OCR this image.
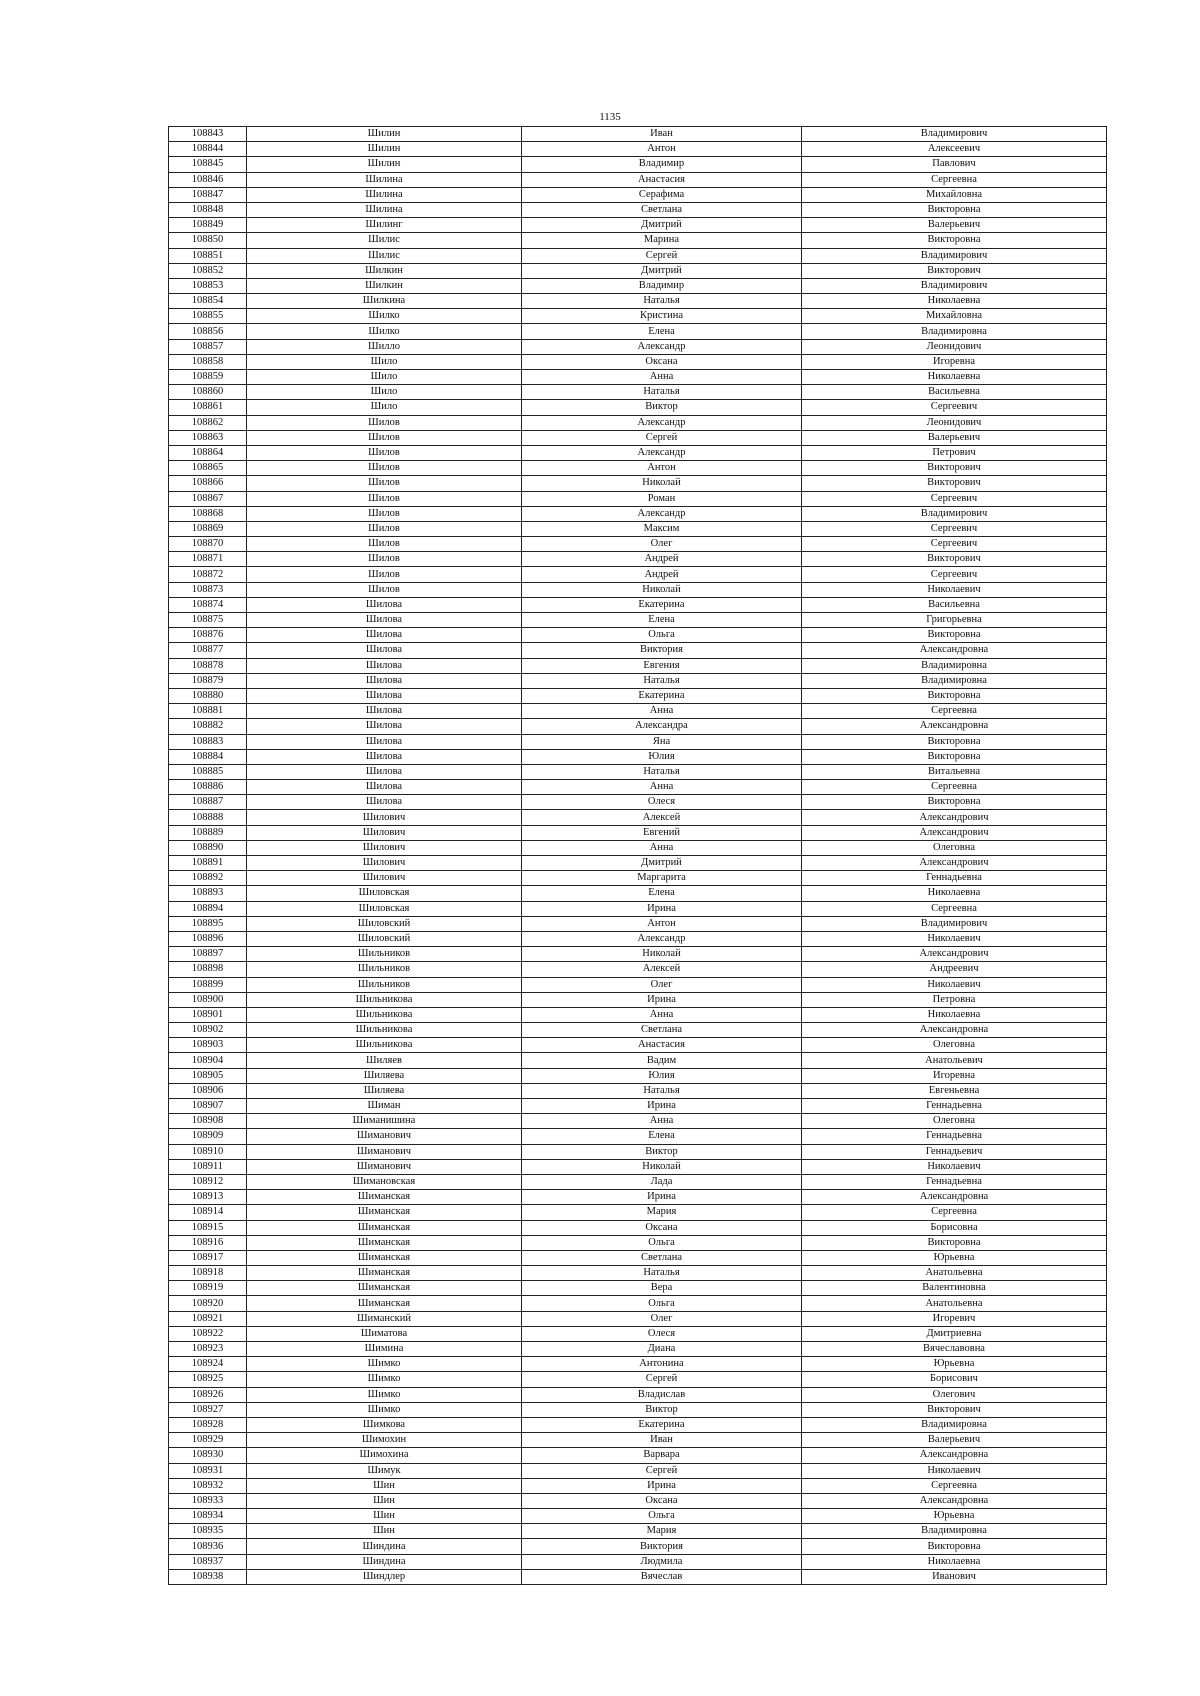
1135
108843	Шилин	Иван	Владимирович
108844	Шилин	Антон	Алексеевич
108845	Шилин	Владимир	Павлович
108846	Шилина	Анастасия	Сергеевна
108847	Шилина	Серафима	Михайловна
108848	Шилина	Светлана	Викторовна
108849	Шилинг	Дмитрий	Валерьевич
108850	Шилис	Марина	Викторовна
108851	Шилис	Сергей	Владимирович
108852	Шилкин	Дмитрий	Викторович
108853	Шилкин	Владимир	Владимирович
108854	Шилкина	Наталья	Николаевна
108855	Шилко	Кристина	Михайловна
108856	Шилко	Елена	Владимировна
108857	Шилло	Александр	Леонидович
108858	Шило	Оксана	Игоревна
108859	Шило	Анна	Николаевна
108860	Шило	Наталья	Васильевна
108861	Шило	Виктор	Сергеевич
108862	Шилов	Александр	Леонидович
108863	Шилов	Сергей	Валерьевич
108864	Шилов	Александр	Петрович
108865	Шилов	Антон	Викторович
108866	Шилов	Николай	Викторович
108867	Шилов	Роман	Сергеевич
108868	Шилов	Александр	Владимирович
108869	Шилов	Максим	Сергеевич
108870	Шилов	Олег	Сергеевич
108871	Шилов	Андрей	Викторович
108872	Шилов	Андрей	Сергеевич
108873	Шилов	Николай	Николаевич
108874	Шилова	Екатерина	Васильевна
108875	Шилова	Елена	Григорьевна
108876	Шилова	Ольга	Викторовна
108877	Шилова	Виктория	Александровна
108878	Шилова	Евгения	Владимировна
108879	Шилова	Наталья	Владимировна
108880	Шилова	Екатерина	Викторовна
108881	Шилова	Анна	Сергеевна
108882	Шилова	Александра	Александровна
108883	Шилова	Яна	Викторовна
108884	Шилова	Юлия	Викторовна
108885	Шилова	Наталья	Витальевна
108886	Шилова	Анна	Сергеевна
108887	Шилова	Олеся	Викторовна
108888	Шилович	Алексей	Александрович
108889	Шилович	Евгений	Александрович
108890	Шилович	Анна	Олеговна
108891	Шилович	Дмитрий	Александрович
108892	Шилович	Маргарита	Геннадьевна
108893	Шиловская	Елена	Николаевна
108894	Шиловская	Ирина	Сергеевна
108895	Шиловский	Антон	Владимирович
108896	Шиловский	Александр	Николаевич
108897	Шильников	Николай	Александрович
108898	Шильников	Алексей	Андреевич
108899	Шильников	Олег	Николаевич
108900	Шильникова	Ирина	Петровна
108901	Шильникова	Анна	Николаевна
108902	Шильникова	Светлана	Александровна
108903	Шильникова	Анастасия	Олеговна
108904	Шиляев	Вадим	Анатольевич
108905	Шиляева	Юлия	Игоревна
108906	Шиляева	Наталья	Евгеньевна
108907	Шиман	Ирина	Геннадьевна
108908	Шиманишина	Анна	Олеговна
108909	Шиманович	Елена	Геннадьевна
108910	Шиманович	Виктор	Геннадьевич
108911	Шиманович	Николай	Николаевич
108912	Шимановская	Лада	Геннадьевна
108913	Шиманская	Ирина	Александровна
108914	Шиманская	Мария	Сергеевна
108915	Шиманская	Оксана	Борисовна
108916	Шиманская	Ольга	Викторовна
108917	Шиманская	Светлана	Юрьевна
108918	Шиманская	Наталья	Анатольевна
108919	Шиманская	Вера	Валентиновна
108920	Шиманская	Ольга	Анатольевна
108921	Шиманский	Олег	Игоревич
108922	Шиматова	Олеся	Дмитриевна
108923	Шимина	Диана	Вячеславовна
108924	Шимко	Антонина	Юрьевна
108925	Шимко	Сергей	Борисович
108926	Шимко	Владислав	Олегович
108927	Шимко	Виктор	Викторович
108928	Шимкова	Екатерина	Владимировна
108929	Шимохин	Иван	Валерьевич
108930	Шимохина	Варвара	Александровна
108931	Шимук	Сергей	Николаевич
108932	Шин	Ирина	Сергеевна
108933	Шин	Оксана	Александровна
108934	Шин	Ольга	Юрьевна
108935	Шин	Мария	Владимировна
108936	Шиндина	Виктория	Викторовна
108937	Шиндина	Людмила	Николаевна
108938	Шиндлер	Вячеслав	Иванович
